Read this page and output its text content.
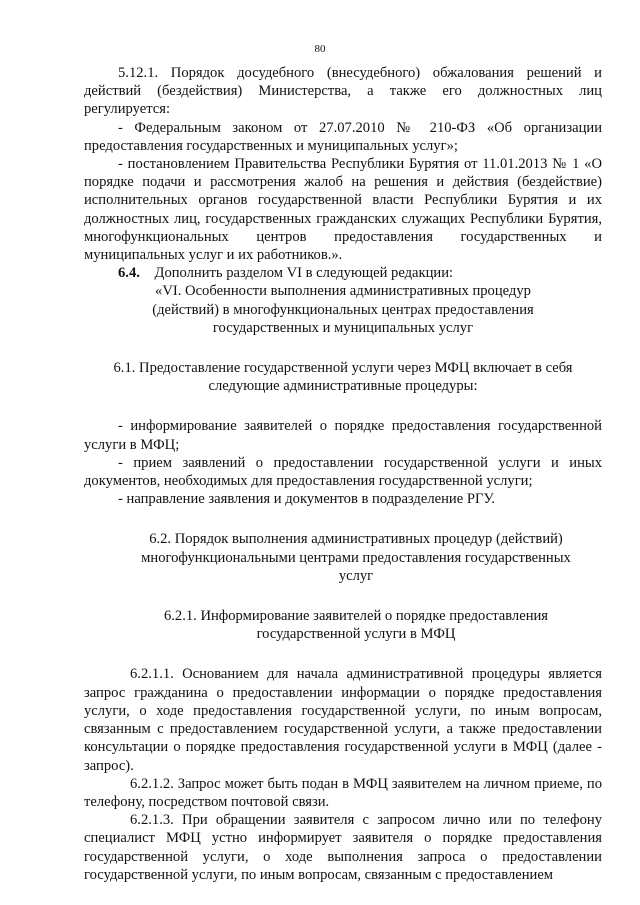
80

5.12.1. Порядок досудебного (внесудебного) обжалования решений и действий (бездействия) Министерства, а также его должностных лиц регулируется:

- Федеральным законом от 27.07.2010 № 210-ФЗ «Об организации предоставления государственных и муниципальных услуг»;

- постановлением Правительства Республики Бурятия от 11.01.2013 № 1 «О порядке подачи и рассмотрения жалоб на решения и действия (бездействие) исполнительных органов государственной власти Республики Бурятия и их должностных лиц, государственных гражданских служащих Республики Бурятия, многофункциональных центров предоставления государственных и муниципальных услуг и их работников.».

6.4. Дополнить разделом VI в следующей редакции:

«VI. Особенности выполнения административных процедур

(действий) в многофункциональных центрах предоставления

государственных и муниципальных услуг

6.1. Предоставление государственной услуги через МФЦ включает в себя

следующие административные процедуры:

- информирование заявителей о порядке предоставления государственной услуги в МФЦ;

- прием заявлений о предоставлении государственной услуги и иных документов, необходимых для предоставления государственной услуги;

- направление заявления и документов в подразделение РГУ.

6.2. Порядок выполнения административных процедур (действий)

многофункциональными центрами предоставления государственных

услуг

6.2.1. Информирование заявителей о порядке предоставления

государственной услуги в МФЦ

6.2.1.1. Основанием для начала административной процедуры является запрос гражданина о предоставлении информации о порядке предоставления услуги, о ходе предоставления государственной услуги, по иным вопросам, связанным с предоставлением государственной услуги, а также предоставлении консультации о порядке предоставления государственной услуги в МФЦ (далее - запрос).

6.2.1.2. Запрос может быть подан в МФЦ заявителем на личном приеме, по телефону, посредством почтовой связи.

6.2.1.3. При обращении заявителя с запросом лично или по телефону специалист МФЦ устно информирует заявителя о порядке предоставления государственной услуги, о ходе выполнения запроса о предоставлении государственной услуги, по иным вопросам, связанным с предоставлением
